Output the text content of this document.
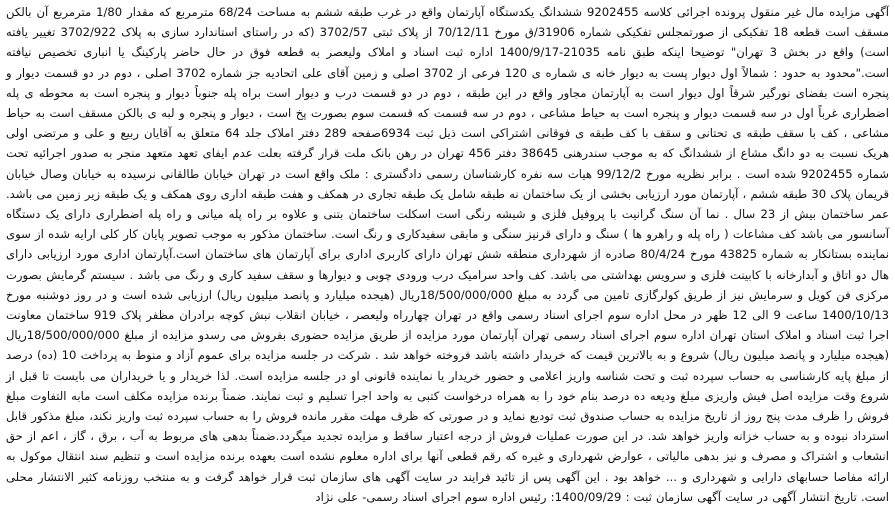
آگهی مزایده مال غیر منقول پرونده اجرائی کلاسه 9202455 ششدانگ یکدستگاه آپارتمان واقع در غرب طبقه ششم به مساحت 68/24 مترمربع که مقدار 1/80 مترمربع آن بالکن مسقف است قطعه 18 تفکیکی از صورتمجلس تفکیکی شماره 31906/ق مورخ 70/12/11 از پلاک ثبتی 3702/57 (که در راستای استاندارد سازی به پلاک 3702/922 تغییر یافته است) واقع در بخش 3 تهران" توضیحا اینکه طبق نامه 21035-1400/9/17 اداره ثبت اسناد و املاک ولیعصر به قطعه فوق در حال حاضر پارکینگ یا انباری تخصیص نیافته است."محدود به حدود : شمالاً اول دیوار پست به دیوار خانه ی شماره ی 120 فرعی از 3702 اصلی و زمین آقای علی اتحادیه جز شماره 3702 اصلی ، دوم در دو قسمت دیوار و پنجره است بفضای نورگیر شرقاً اول دیوار است به آپارتمان مجاور واقع در این طبقه ، دوم در دو قسمت درب و دیوار است براه پله جنوباً دیوار و پنجره است به محوطه ی پله اضطراری غرباً اول در سه قسمت دیوار و پنجره است به حیاط مشاعی ، دوم در سه قسمت که قسمت سوم بصورت پخ است ، دیوار و پنجره و لبه ی بالکن مسقف است به حیاط مشاعی ، کف با سقف طبقه ی تحتانی و سقف با کف طبقه ی فوقانی اشتراکی است ذیل ثبت 6934صفحه 289 دفتر املاک جلد 64 متعلق به آقایان ربیع و علی و مرتضی اولی هریک نسبت به دو دانگ مشاع از ششدانگ که به موجب سندرهنی 38645 دفتر 456 تهران در رهن بانک ملت قرار گرفته بعلت عدم ایفای تعهد متعهد منجر به صدور اجرائیه تحت شماره 9202455 شده است . برابر نظریه مورخ 99/12/2 هیات سه نفره کارشناسان رسمی دادگستری : ملک واقع است در تهران خیابان طالقانی نرسیده به خیابان وصال خیابان قریمان پلاک 30 طبقه ششم ، آپارتمان مورد ارزیابی بخشی از یک ساختمان نه طبقه شامل یک طبقه تجاری در همکف و هفت طبقه اداری روی همکف و یک طبقه زیر زمین می باشد. عمر ساختمان بیش از 23 سال . نما آن سنگ گرانیت با پروفیل فلزی و شیشه رنگی است اسکلت ساختمان بتنی و علاوه بر راه پله میانی و راه پله اضطراری دارای یک دستگاه آسانسور می باشد کف مشاعات ( راه پله و راهرو ها ) سنگ و دارای قرنیز سنگی و مابقی سفیدکاری و رنگ است. ساختمان مذکور به موجب تصویر پایان کار کلی ارایه شده از سوی نماینده بستانکار به شماره 43825 مورخ 80/4/24 صادره از شهرداری منطقه شش تهران دارای کاربری اداری برای آپارتمان های ساختمان است.آپارتمان اداری مورد ارزیابی دارای هال دو اتاق و آبدارخانه با کابینت فلزی و سرویس بهداشتی می باشد. کف واحد سرامیک درب ورودی چوبی و دیوارها و سقف سفید کاری و رنگ می باشد . سیستم گرمایش بصورت مرکزی فن کویل و سرمایش نیز از طریق کولرگازی تامین می گردد به مبلغ 18/500/000/000ریال (هیجده میلیارد و پانصد میلیون ریال) ارزیابی شده است و در روز دوشنبه مورخ 1400/10/13 ساعت 9 الی 12 ظهر در محل اداره سوم اجرای اسناد رسمی واقع در تهران چهارراه ولیعصر ، خیابان انقلاب نبش کوچه برادران مظفر پلاک 919 ساختمان معاونت اجرا ثبت اسناد و املاک استان تهران اداره سوم اجرای اسناد رسمی تهران آپارتمان مورد مزایده از طریق مزایده حضوری بفروش می رسدو مزایده از مبلغ 18/500/000/000ریال (هیجده میلیارد و پانصد میلیون ریال) شروع و به بالاترین قیمت که خریدار داشته باشد فروخته خواهد شد . شرکت در جلسه مزایده برای عموم آزاد و منوط به پرداخت 10 (ده) درصد از مبلغ پایه کارشناسی به حساب سپرده ثبت و تحت شناسه واریز اعلامی و حضور خریدار یا نماینده قانونی او در جلسه مزایده است. لذا خریدار و یا خریداران می بایست تا قبل از شروع وقت مزایده اصل فیش واریزی مبلغ ودیعه ده درصد بنام خود را به همراه درخواست کتبی به واحد اجرا تسلیم و ثبت نمایند. ضمناً برنده مزایده مکلف است مابه التفاوت مبلغ فروش را ظرف مدت پنج روز از تاریخ مزایده به حساب صندوق ثبت تودیع نماید و در صورتی که ظرف مهلت مقرر مانده فروش را به حساب سپرده ثبت واریز نکند، مبلغ مذکور قابل استرداد نبوده و به حساب خزانه واریز خواهد شد. در این صورت عملیات فروش از درجه اعتبار ساقط و مزایده تجدید میگردد.ضمناً بدهی های مربوط به آب ، برق ، گاز ، اعم از حق انشعاب و اشتراک و مصرف و نیز بدهی مالیاتی ، عوارض شهرداری و غیره که رقم قطعی آنها برای اداره معلوم نشده است بعهده برنده مزایده است و تنظیم سند انتقال موکول به ارائه مفاصا حسابهای دارایی و شهرداری و ... خواهد بود . این آگهی پس از تائید فرایند در سایت آگهی های سازمان ثبت قرار خواهد گرفت و به منتخب روزنامه کثیر الانتشار محلی است. تاریخ انتشار آگهی در سایت آگهی سازمان ثبت : 1400/09/29: رئیس اداره سوم اجرای اسناد رسمی- علی نژاد
